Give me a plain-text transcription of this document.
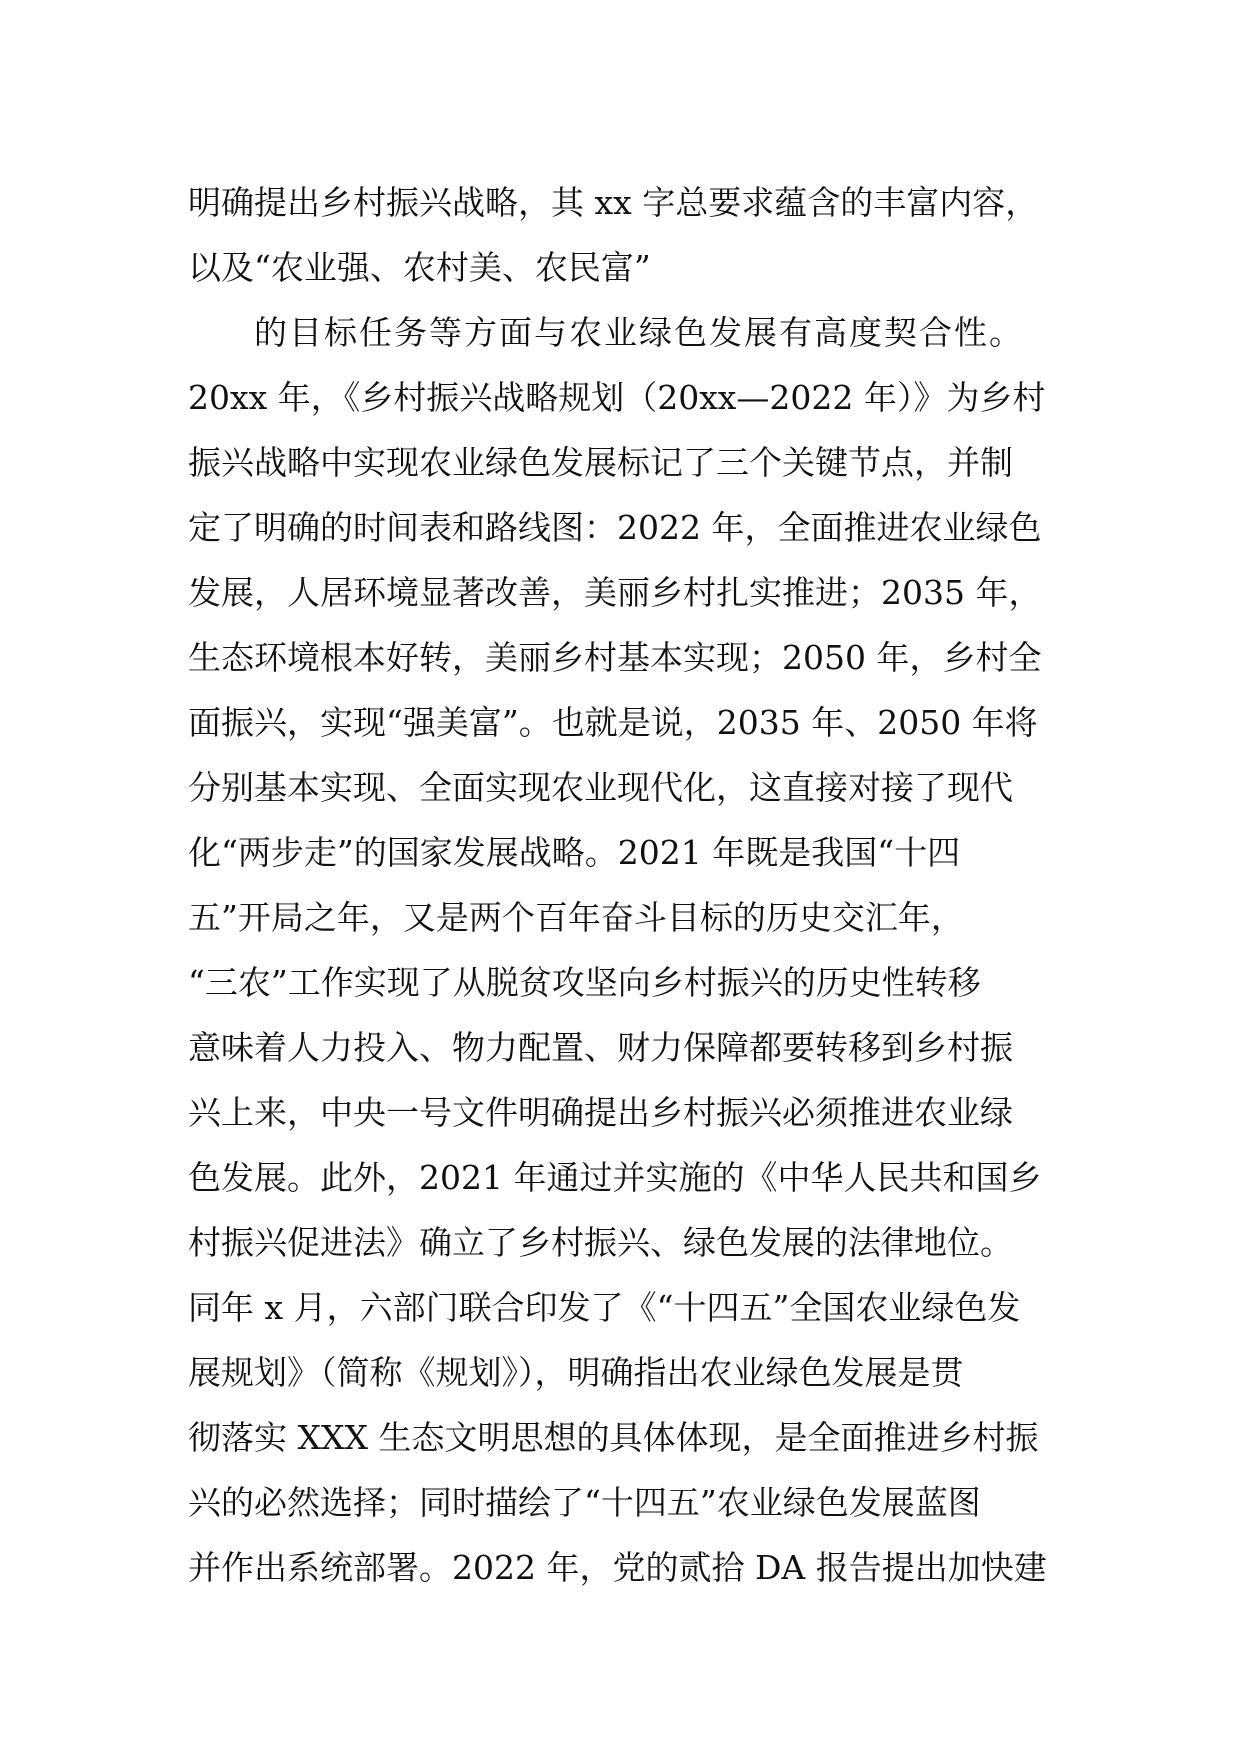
明确提出乡村振兴战略，其 xx 字总要求蕴含的丰富内容，
以及“农业强、农村美、农民富”
的目标任务等方面与农业绿色发展有高度契合性。
20xx 年，《乡村振兴战略规划（20xx—2022 年）》为乡村
振兴战略中实现农业绿色发展标记了三个关键节点，并制
定了明确的时间表和路线图：2022 年，全面推进农业绿色
发展，人居环境显著改善，美丽乡村扎实推进；2035 年，
生态环境根本好转，美丽乡村基本实现；2050 年，乡村全
面振兴，实现“强美富”。也就是说，2035 年、2050 年将
分别基本实现、全面实现农业现代化，这直接对接了现代
化“两步走”的国家发展战略。2021 年既是我国“十四
五”开局之年，又是两个百年奋斗目标的历史交汇年，
“三农”工作实现了从脱贫攻坚向乡村振兴的历史性转移
意味着人力投入、物力配置、财力保障都要转移到乡村振
兴上来，中央一号文件明确提出乡村振兴必须推进农业绿
色发展。此外，2021 年通过并实施的《中华人民共和国乡
村振兴促进法》确立了乡村振兴、绿色发展的法律地位。
同年 x 月，六部门联合印发了《“十四五”全国农业绿色发
展规划》（简称《规划》），明确指出农业绿色发展是贯
彻落实 XXX 生态文明思想的具体体现，是全面推进乡村振
兴的必然选择；同时描绘了“十四五”农业绿色发展蓝图
并作出系统部署。2022 年，党的贰拾 DA 报告提出加快建
